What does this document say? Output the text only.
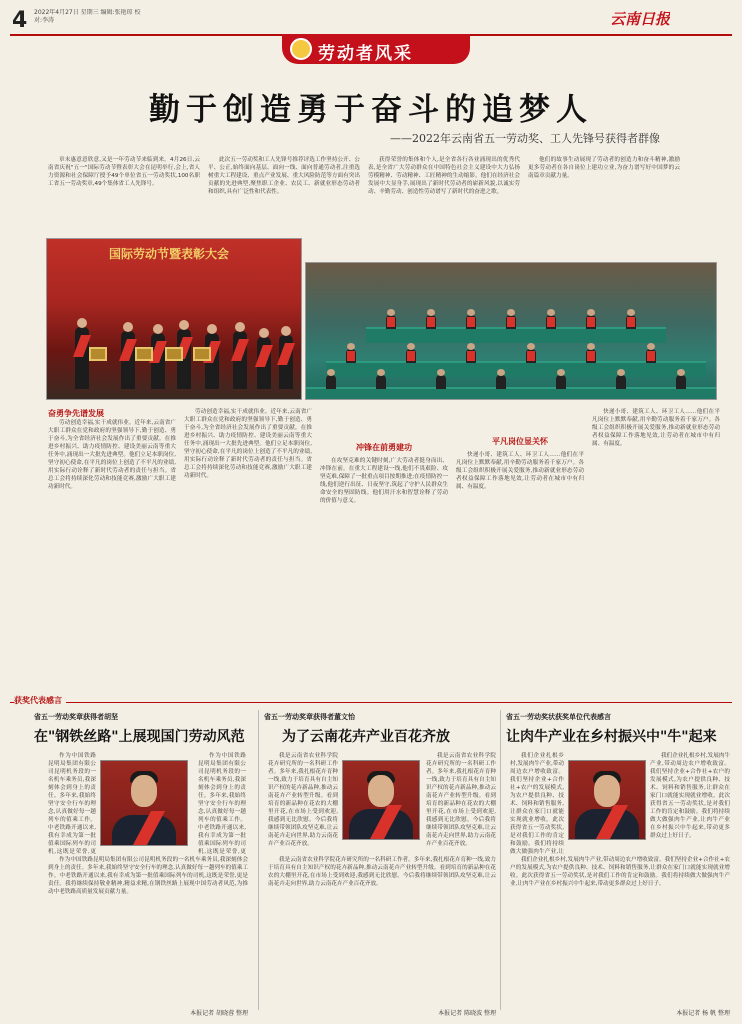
4 2022年4月27日 星期三 编辑:张艳琼 校对:李涛	云南日报
劳动者风采
勤于创造勇于奋斗的追梦人
——2022年云南省五一劳动奖、工人先锋号获得者群像
章末惠意意欣意,又是一年劳动节来临到来。4月26日,云南省庆祝"五一"国际劳动节暨表彰大会在昆明举行,会上,省人力资源和社会保障厅授予49个单位省五一劳动奖状,100名职工省五一劳动奖章,49个集体省工人先锋号。
此次五一劳动奖和工人先锋号推荐评选工作坚持公开、公平、公正,始终面向基层、面向一线、面向普通劳动者,注重选树重大工程建设、重点产业发展、重大风险防范等方面有突出贡献的先进典型,聚焦职工企业、农民工、新就业形态劳动者和组织,具有广泛性和代表性。
获得荣誉的集体和个人,是全省各行各业涌现出的优秀代表,是全省广大劳动群众在中国特色社会主义建设中大力弘扬劳模精神、劳动精神、工匠精神的生动缩影。他们在经济社会发展中大显身手,展现出了新时代劳动者的崭新风貌,以诚实劳动、辛勤劳动、创造性劳动谱写了新时代的奋进之歌。
他们的故事生动展现了劳动者的创造力和奋斗精神,激励更多劳动者在各自岗位上建功立业,为奋力谱写好中国梦的云南篇章贡献力量。
国际劳动节暨表彰大会
奋勇争先谱发展
劳动创造幸福,实干成就伟业。近年来,云南省广大职工群众在党和政府的坚强领导下,勤于创造、勇于奋斗,为全省经济社会发展作出了重要贡献。在推进乡村振兴、助力疫情防控、建设美丽云南等重大任务中,涌现出一大批先进典型。他们立足本职岗位,坚守初心使命,在平凡的岗位上创造了不平凡的业绩,用实际行动诠释了新时代劳动者的责任与担当。省总工会将持续深化劳动和技能竞赛,激励广大职工建功新时代。
劳动创造幸福,实干成就伟业。近年来,云南省广大职工群众在党和政府的坚强领导下,勤于创造、勇于奋斗,为全省经济社会发展作出了重要贡献。在推进乡村振兴、助力疫情防控、建设美丽云南等重大任务中,涌现出一大批先进典型。他们立足本职岗位,坚守初心使命,在平凡的岗位上创造了不平凡的业绩,用实际行动诠释了新时代劳动者的责任与担当。省总工会将持续深化劳动和技能竞赛,激励广大职工建功新时代。
冲锋在前勇建功
在攻坚克难的关键时刻,广大劳动者挺身而出、冲锋在前。在重大工程建设一线,他们不畏艰险、攻坚克难,保障了一批重点项目按期推进;在疫情防控一线,他们逆行出征、日夜坚守,筑起了守护人民群众生命安全的坚固防线。他们用汗水和智慧诠释了劳动的价值与意义。
平凡岗位显关怀
快递小哥、建筑工人、环卫工人……他们在平凡岗位上默默奉献,用辛勤劳动服务着千家万户。各级工会组织积极开展关爱服务,推动新就业形态劳动者权益保障工作落地见效,让劳动者在城市中有归属、有温度。
快递小哥、建筑工人、环卫工人……他们在平凡岗位上默默奉献,用辛勤劳动服务着千家万户。各级工会组织积极开展关爱服务,推动新就业形态劳动者权益保障工作落地见效,让劳动者在城市中有归属、有温度。
获奖代表感言
省五一劳动奖章获得者胡坚
在"钢铁丝路"上展现国门劳动风范
作为中国铁路昆明局集团有限公司昆明机务段的一名机车乘务员,我深刻体会到身上的责任。多年来,我始终坚守安全行车的理念,认真做好每一趟列车的值乘工作。中老铁路开通以来,我有幸成为第一批值乘国际列车的司机,这既是荣誉,更
作为中国铁路昆明局集团有限公司昆明机务段的一名机车乘务员,我深刻体会到身上的责任。多年来,我始终坚守安全行车的理念,认真做好每一趟列车的值乘工作。中老铁路开通以来,我有幸成为第一批值乘国际列车的司机,这既是荣誉,更
作为中国铁路昆明局集团有限公司昆明机务段的一名机车乘务员,我深刻体会到身上的责任。多年来,我始终坚守安全行车的理念,认真做好每一趟列车的值乘工作。中老铁路开通以来,我有幸成为第一批值乘国际列车的司机,这既是荣誉,更是责任。我将继续保持敬业精神,精益求精,在钢铁丝路上展现中国劳动者风范,为推动中老铁路高质量发展贡献力量。
本报记者 胡晓蓉 整理
省五一劳动奖章获得者董文怡
为了云南花卉产业百花齐放
我是云南省农业科学院花卉研究所的一名科研工作者。多年来,我扎根花卉育种一线,致力于培育具有自主知识产权的花卉新品种,推动云南花卉产业转型升级。看到培育的新品种在花农的大棚里开花,在市场上受到欢迎,我感到无比欣慰。今后我将继续带领团队攻坚克难,让云南花卉走向世界,助力云南花卉产业百花齐放。
我是云南省农业科学院花卉研究所的一名科研工作者。多年来,我扎根花卉育种一线,致力于培育具有自主知识产权的花卉新品种,推动云南花卉产业转型升级。看到培育的新品种在花农的大棚里开花,在市场上受到欢迎,我感到无比欣慰。今后我将继续带领团队攻坚克难,让云南花卉走向世界,助力云南花卉产业百花齐放。
我是云南省农业科学院花卉研究所的一名科研工作者。多年来,我扎根花卉育种一线,致力于培育具有自主知识产权的花卉新品种,推动云南花卉产业转型升级。看到培育的新品种在花农的大棚里开花,在市场上受到欢迎,我感到无比欣慰。今后我将继续带领团队攻坚克难,让云南花卉走向世界,助力云南花卉产业百花齐放。
本报记者 陈晓波 整理
省五一劳动奖状获奖单位代表感言
让肉牛产业在乡村振兴中"牛"起来
我们企业扎根乡村,发展肉牛产业,带动周边农户增收致富。我们坚持企业+合作社+农户的发展模式,为农户提供良种、技术、饲料和销售服务,让群众在家门口就能实现就业增收。此次获得省五一劳动奖状,是对我们工作的肯定和鼓励。我们将持续做大做强肉牛产业,让
我们企业扎根乡村,发展肉牛产业,带动周边农户增收致富。我们坚持企业+合作社+农户的发展模式,为农户提供良种、技术、饲料和销售服务,让群众在家门口就能实现就业增收。此次获得省五一劳动奖状,是对我们工作的肯定和鼓励。我们将持续做大做强肉牛产业,让肉牛产业在乡村振兴中牛起来,带动更多群众过上好日子。
我们企业扎根乡村,发展肉牛产业,带动周边农户增收致富。我们坚持企业+合作社+农户的发展模式,为农户提供良种、技术、饲料和销售服务,让群众在家门口就能实现就业增收。此次获得省五一劳动奖状,是对我们工作的肯定和鼓励。我们将持续做大做强肉牛产业,让肉牛产业在乡村振兴中牛起来,带动更多群众过上好日子。
本报记者 杨 帆 整理
